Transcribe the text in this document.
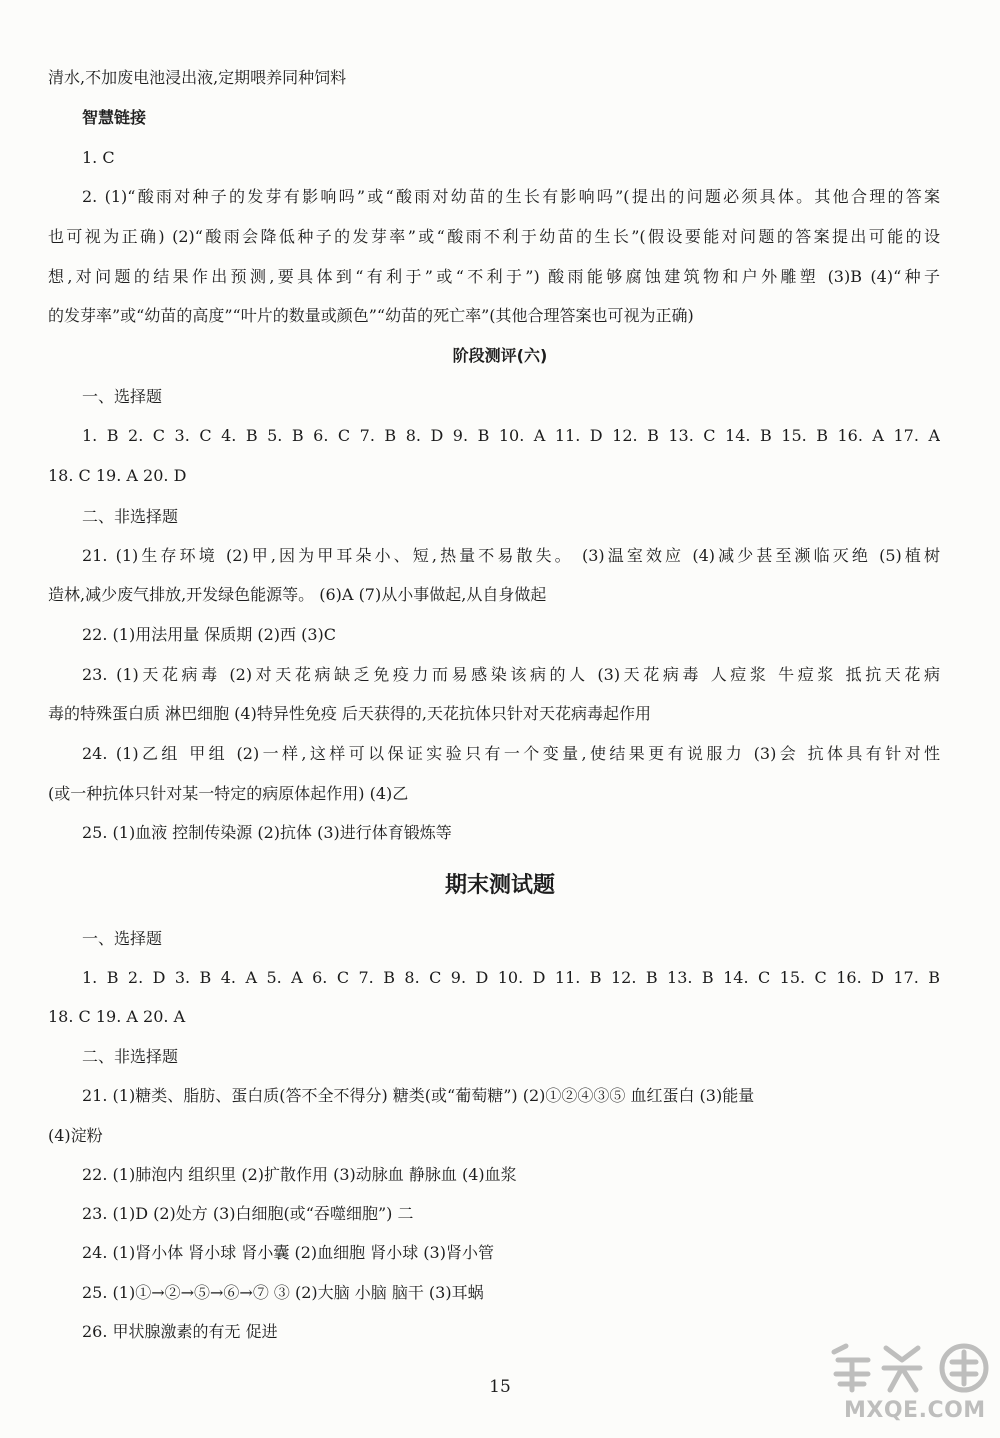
清水,不加废电池浸出液,定期喂养同种饲料
智慧链接
1. C
2. (1)“酸雨对种子的发芽有影响吗”或“酸雨对幼苗的生长有影响吗”(提出的问题必须具体。其他合理的答案
也可视为正确) (2)“酸雨会降低种子的发芽率”或“酸雨不利于幼苗的生长”(假设要能对问题的答案提出可能的设
想,对问题的结果作出预测,要具体到“有利于”或“不利于”) 酸雨能够腐蚀建筑物和户外雕塑 (3)B (4)“种子
的发芽率”或“幼苗的高度”“叶片的数量或颜色”“幼苗的死亡率”(其他合理答案也可视为正确)
阶段测评(六)
一、选择题
1. B 2. C 3. C 4. B 5. B 6. C 7. B 8. D 9. B 10. A 11. D 12. B 13. C 14. B 15. B 16. A 17. A
18. C 19. A 20. D
二、非选择题
21. (1)生存环境 (2)甲,因为甲耳朵小、短,热量不易散失。 (3)温室效应 (4)减少甚至濒临灭绝 (5)植树
造林,减少废气排放,开发绿色能源等。 (6)A (7)从小事做起,从自身做起
22. (1)用法用量 保质期 (2)西 (3)C
23. (1)天花病毒 (2)对天花病缺乏免疫力而易感染该病的人 (3)天花病毒 人痘浆 牛痘浆 抵抗天花病
毒的特殊蛋白质 淋巴细胞 (4)特异性免疫 后天获得的,天花抗体只针对天花病毒起作用
24. (1)乙组 甲组 (2)一样,这样可以保证实验只有一个变量,使结果更有说服力 (3)会 抗体具有针对性
(或一种抗体只针对某一特定的病原体起作用) (4)乙
25. (1)血液 控制传染源 (2)抗体 (3)进行体育锻炼等
期末测试题
一、选择题
1. B 2. D 3. B 4. A 5. A 6. C 7. B 8. C 9. D 10. D 11. B 12. B 13. B 14. C 15. C 16. D 17. B
18. C 19. A 20. A
二、非选择题
21. (1)糖类、脂肪、蛋白质(答不全不得分) 糖类(或“葡萄糖”) (2)①②④③⑤ 血红蛋白 (3)能量
(4)淀粉
22. (1)肺泡内 组织里 (2)扩散作用 (3)动脉血 静脉血 (4)血浆
23. (1)D (2)处方 (3)白细胞(或“吞噬细胞”) 二
24. (1)肾小体 肾小球 肾小囊 (2)血细胞 肾小球 (3)肾小管
25. (1)①→②→⑤→⑥→⑦ ③ (2)大脑 小脑 脑干 (3)耳蜗
26. 甲状腺激素的有无 促进
15
MXQE.COM
